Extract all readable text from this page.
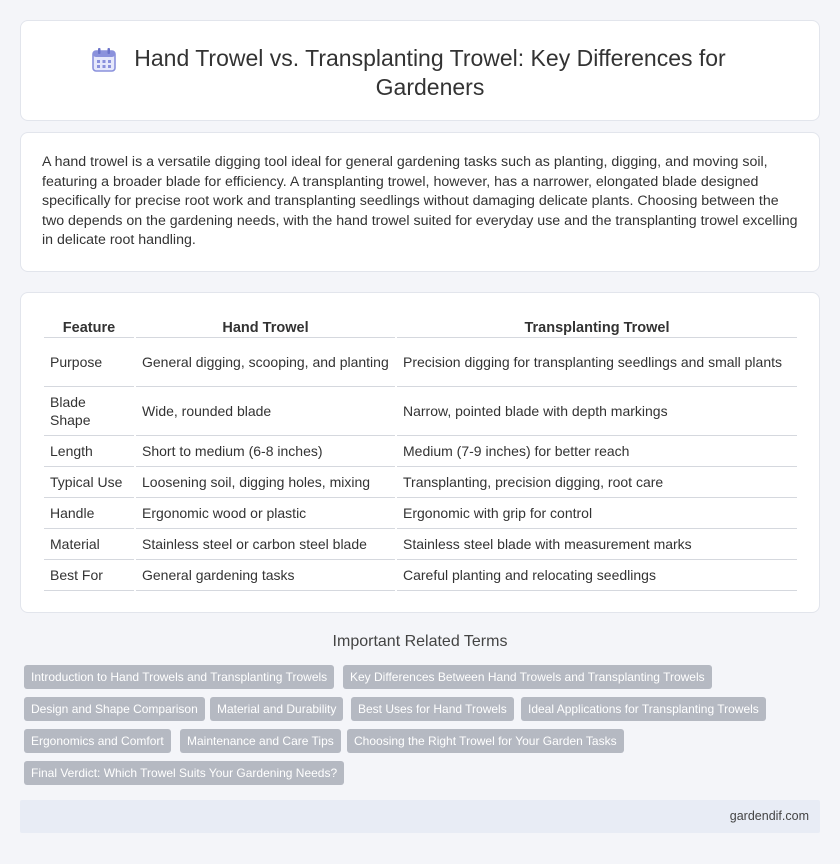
Hand Trowel vs. Transplanting Trowel: Key Differences for Gardeners

A hand trowel is a versatile digging tool ideal for general gardening tasks such as planting, digging, and moving soil, featuring a broader blade for efficiency. A transplanting trowel, however, has a narrower, elongated blade designed specifically for precise root work and transplanting seedlings without damaging delicate plants. Choosing between the two depends on the gardening needs, with the hand trowel suited for everyday use and the transplanting trowel excelling in delicate root handling.

Feature	Hand Trowel	Transplanting Trowel
Purpose	General digging, scooping, and planting	Precision digging for transplanting seedlings and small plants
Blade Shape	Wide, rounded blade	Narrow, pointed blade with depth markings
Length	Short to medium (6-8 inches)	Medium (7-9 inches) for better reach
Typical Use	Loosening soil, digging holes, mixing	Transplanting, precision digging, root care
Handle	Ergonomic wood or plastic	Ergonomic with grip for control
Material	Stainless steel or carbon steel blade	Stainless steel blade with measurement marks
Best For	General gardening tasks	Careful planting and relocating seedlings
Important Related Terms
Introduction to Hand Trowels and Transplanting Trowels	Key Differences Between Hand Trowels and Transplanting Trowels
Design and Shape Comparison	Material and Durability	Best Uses for Hand Trowels	Ideal Applications for Transplanting Trowels
Ergonomics and Comfort	Maintenance and Care Tips	Choosing the Right Trowel for Your Garden Tasks
Final Verdict: Which Trowel Suits Your Gardening Needs?
gardendif.com
